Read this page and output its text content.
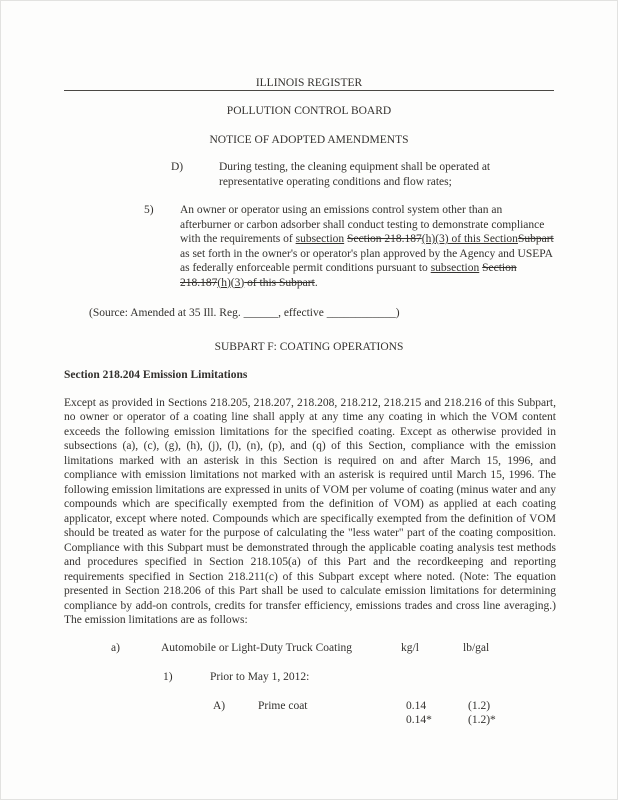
ILLINOIS REGISTER
POLLUTION CONTROL BOARD
NOTICE OF ADOPTED AMENDMENTS
D)	During testing, the cleaning equipment shall be operated at representative operating conditions and flow rates;
5) An owner or operator using an emissions control system other than an afterburner or carbon adsorber shall conduct testing to demonstrate compliance with the requirements of subsection Section 218.187(h)(3) of this SectionSubpart as set forth in the owner's or operator's plan approved by the Agency and USEPA as federally enforceable permit conditions pursuant to subsection Section 218.187(h)(3) of this Subpart.
(Source: Amended at 35 Ill. Reg. ______, effective ____________)
SUBPART F: COATING OPERATIONS
Section 218.204 Emission Limitations
Except as provided in Sections 218.205, 218.207, 218.208, 218.212, 218.215 and 218.216 of this Subpart, no owner or operator of a coating line shall apply at any time any coating in which the VOM content exceeds the following emission limitations for the specified coating. Except as otherwise provided in subsections (a), (c), (g), (h), (j), (l), (n), (p), and (q) of this Section, compliance with the emission limitations marked with an asterisk in this Section is required on and after March 15, 1996, and compliance with emission limitations not marked with an asterisk is required until March 15, 1996. The following emission limitations are expressed in units of VOM per volume of coating (minus water and any compounds which are specifically exempted from the definition of VOM) as applied at each coating applicator, except where noted. Compounds which are specifically exempted from the definition of VOM should be treated as water for the purpose of calculating the "less water" part of the coating composition. Compliance with this Subpart must be demonstrated through the applicable coating analysis test methods and procedures specified in Section 218.105(a) of this Part and the recordkeeping and reporting requirements specified in Section 218.211(c) of this Subpart except where noted. (Note: The equation presented in Section 218.206 of this Part shall be used to calculate emission limitations for determining compliance by add-on controls, credits for transfer efficiency, emissions trades and cross line averaging.) The emission limitations are as follows:
a)	Automobile or Light-Duty Truck Coating	kg/l	lb/gal
1)	Prior to May 1, 2012:
A)	Prime coat	0.14	(1.2)
0.14*	(1.2)*
